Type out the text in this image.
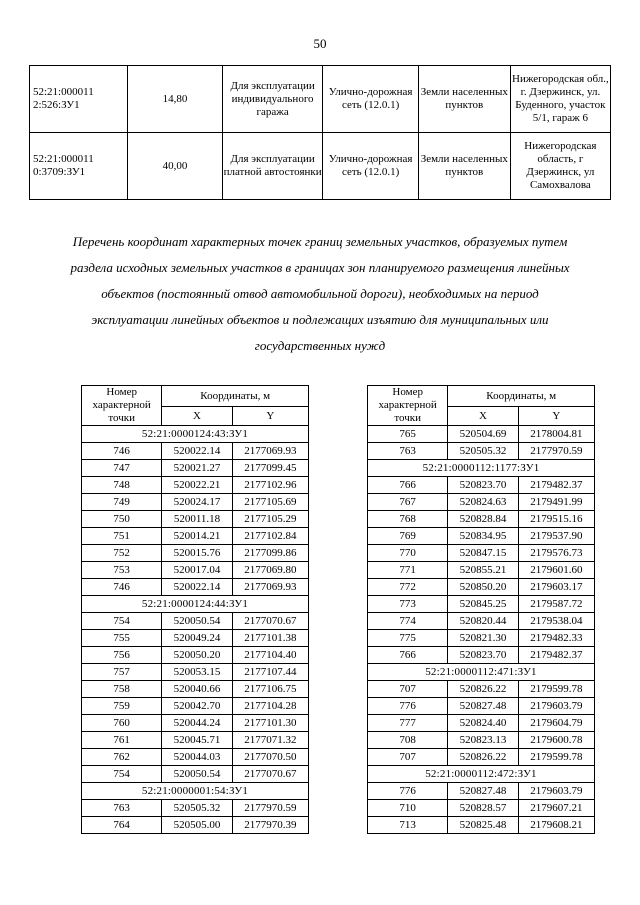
50
52:21:000011 2:526:ЗУ1	14,80	Для эксплуатации индивидуального гаража	Улично-дорожная сеть (12.0.1)	Земли населенных пунктов	Нижегородская обл., г. Дзержинск, ул. Буденного, участок 5/1, гараж 6
52:21:000011 0:3709:ЗУ1	40,00	Для эксплуатации платной автостоянки	Улично-дорожная сеть (12.0.1)	Земли населенных пунктов	Нижегородская область, г Дзержинск, ул Самохвалова
Перечень координат характерных точек границ земельных участков, образуемых путем раздела исходных земельных участков в границах зон планируемого размещения линейных объектов (постоянный отвод автомобильной дороги), необходимых на период эксплуатации линейных объектов и подлежащих изъятию для муниципальных или государственных нужд
Номер характерной точки	Координаты, м	
	X	Y
52:21:0000124:43:ЗУ1		
746	520022.14	2177069.93
747	520021.27	2177099.45
748	520022.21	2177102.96
749	520024.17	2177105.69
750	520011.18	2177105.29
751	520014.21	2177102.84
752	520015.76	2177099.86
753	520017.04	2177069.80
746	520022.14	2177069.93
52:21:0000124:44:ЗУ1		
754	520050.54	2177070.67
755	520049.24	2177101.38
756	520050.20	2177104.40
757	520053.15	2177107.44
758	520040.66	2177106.75
759	520042.70	2177104.28
760	520044.24	2177101.30
761	520045.71	2177071.32
762	520044.03	2177070.50
754	520050.54	2177070.67
52:21:0000001:54:ЗУ1		
763	520505.32	2177970.59
764	520505.00	2177970.39
Номер характерной точки	Координаты, м	
	X	Y
765	520504.69	2178004.81
763	520505.32	2177970.59
52:21:0000112:1177:ЗУ1		
766	520823.70	2179482.37
767	520824.63	2179491.99
768	520828.84	2179515.16
769	520834.95	2179537.90
770	520847.15	2179576.73
771	520855.21	2179601.60
772	520850.20	2179603.17
773	520845.25	2179587.72
774	520820.44	2179538.04
775	520821.30	2179482.33
766	520823.70	2179482.37
52:21:0000112:471:ЗУ1		
707	520826.22	2179599.78
776	520827.48	2179603.79
777	520824.40	2179604.79
708	520823.13	2179600.78
707	520826.22	2179599.78
52:21:0000112:472:ЗУ1		
776	520827.48	2179603.79
710	520828.57	2179607.21
713	520825.48	2179608.21
